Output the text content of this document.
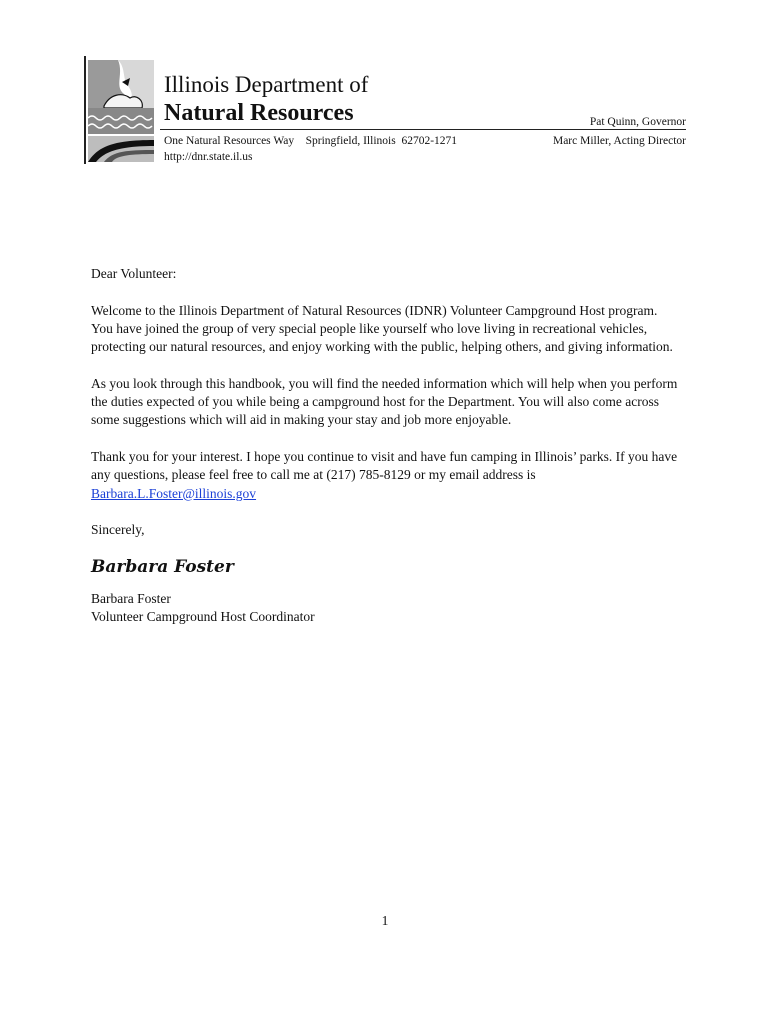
Illinois Department of
Natural Resources	Pat Quinn, Governor
Marc Miller, Acting Director
One Natural Resources Way    Springfield, Illinois  62702-1271
http://dnr.state.il.us

Dear Volunteer:

Welcome to the Illinois Department of Natural Resources (IDNR) Volunteer Campground Host program. You have joined the group of very special people like yourself who love living in recreational vehicles, protecting our natural resources, and enjoy working with the public, helping others, and giving information.

As you look through this handbook, you will find the needed information which will help when you perform the duties expected of you while being a campground host for the Department. You will also come across some suggestions which will aid in making your stay and job more enjoyable.

Thank you for your interest. I hope you continue to visit and have fun camping in Illinois’ parks. If you have any questions, please feel free to call me at (217) 785-8129 or my email address is Barbara.L.Foster@illinois.gov

Sincerely,

Barbara Foster

Barbara Foster

Volunteer Campground Host Coordinator

1
